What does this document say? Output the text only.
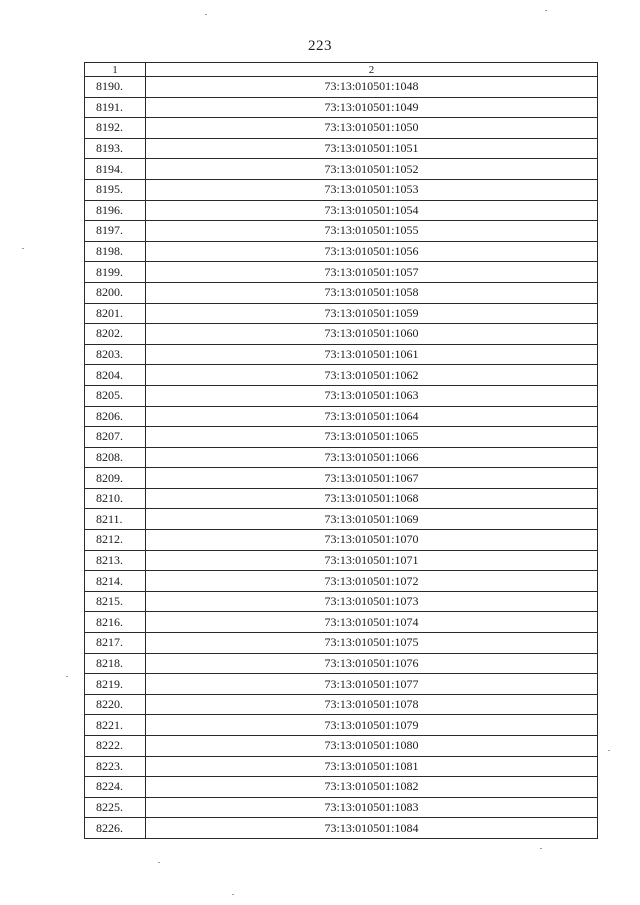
223
1	2
8190.	73:13:010501:1048
8191.	73:13:010501:1049
8192.	73:13:010501:1050
8193.	73:13:010501:1051
8194.	73:13:010501:1052
8195.	73:13:010501:1053
8196.	73:13:010501:1054
8197.	73:13:010501:1055
8198.	73:13:010501:1056
8199.	73:13:010501:1057
8200.	73:13:010501:1058
8201.	73:13:010501:1059
8202.	73:13:010501:1060
8203.	73:13:010501:1061
8204.	73:13:010501:1062
8205.	73:13:010501:1063
8206.	73:13:010501:1064
8207.	73:13:010501:1065
8208.	73:13:010501:1066
8209.	73:13:010501:1067
8210.	73:13:010501:1068
8211.	73:13:010501:1069
8212.	73:13:010501:1070
8213.	73:13:010501:1071
8214.	73:13:010501:1072
8215.	73:13:010501:1073
8216.	73:13:010501:1074
8217.	73:13:010501:1075
8218.	73:13:010501:1076
8219.	73:13:010501:1077
8220.	73:13:010501:1078
8221.	73:13:010501:1079
8222.	73:13:010501:1080
8223.	73:13:010501:1081
8224.	73:13:010501:1082
8225.	73:13:010501:1083
8226.	73:13:010501:1084
